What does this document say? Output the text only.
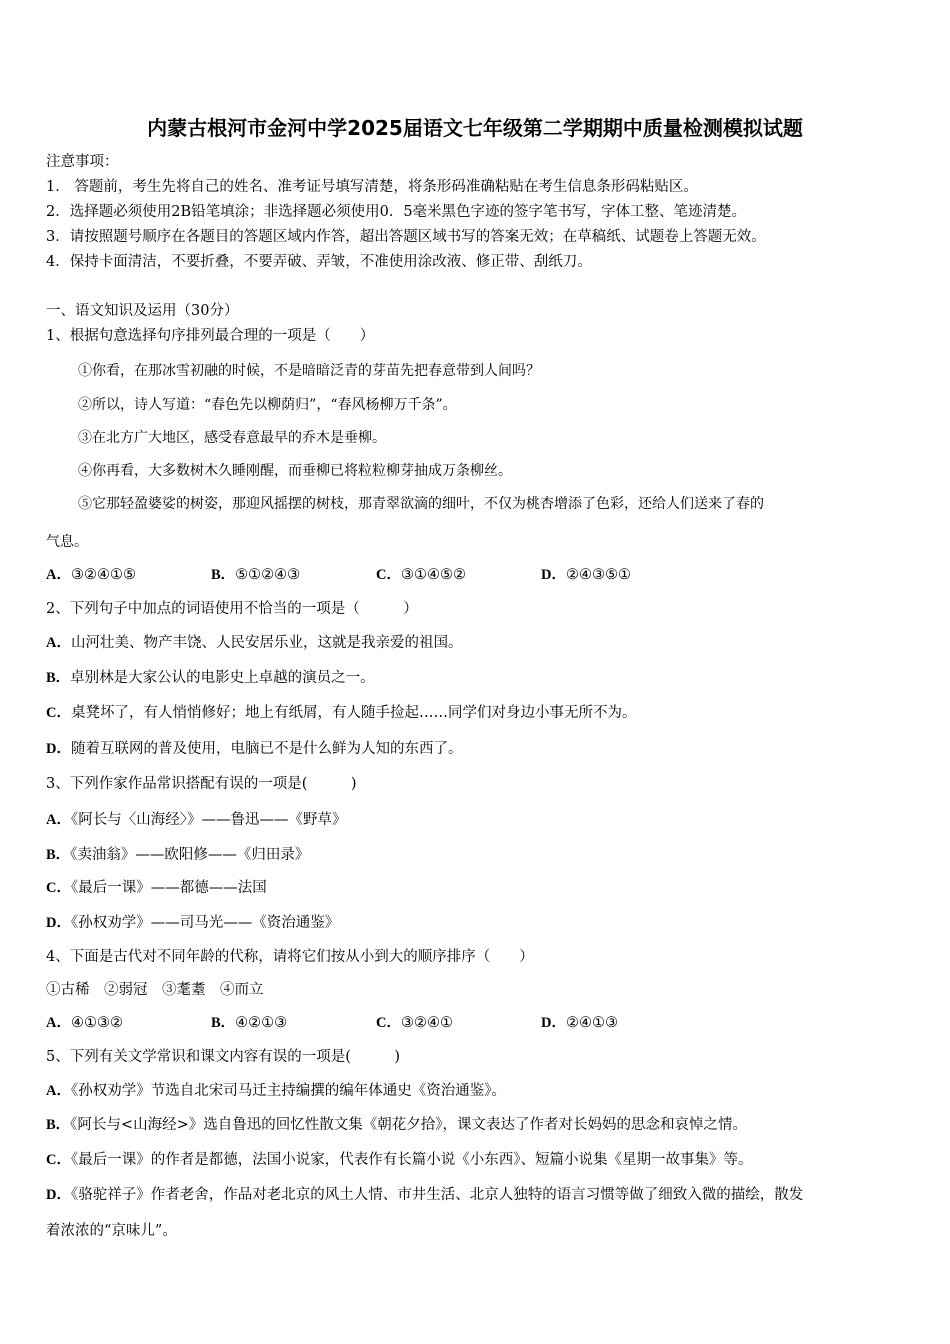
内蒙古根河市金河中学2025届语文七年级第二学期期中质量检测模拟试题
注意事项：
1． 答题前，考生先将自己的姓名、准考证号填写清楚，将条形码准确粘贴在考生信息条形码粘贴区。
2．选择题必须使用2B铅笔填涂；非选择题必须使用0．5毫米黑色字迹的签字笔书写，字体工整、笔迹清楚。
3．请按照题号顺序在各题目的答题区域内作答，超出答题区域书写的答案无效；在草稿纸、试题卷上答题无效。
4．保持卡面清洁，不要折叠，不要弄破、弄皱，不准使用涂改液、修正带、刮纸刀。
一、语文知识及运用（30分）
1、根据句意选择句序排列最合理的一项是（　　）
①你看，在那冰雪初融的时候，不是暗暗泛青的芽苗先把春意带到人间吗？
②所以，诗人写道：“春色先以柳荫归”，“春风杨柳万千条”。
③在北方广大地区，感受春意最早的乔木是垂柳。
④你再看，大多数树木久睡刚醒，而垂柳已将粒粒柳芽抽成万条柳丝。
⑤它那轻盈婆娑的树姿，那迎风摇摆的树枝，那青翠欲滴的细叶，不仅为桃杏增添了色彩，还给人们送来了春的
气息。
A．③②④①⑤	B．⑤①②④③	C．③①④⑤②	D．②④③⑤①
2、下列句子中加点的词语使用不恰当的一项是（　　　）
A．山河壮美、物产丰饶、人民安居乐业，这就是我亲爱的祖国。
B．卓别林是大家公认的电影史上卓越的演员之一。
C．桌凳坏了，有人悄悄修好；地上有纸屑，有人随手捡起……同学们对身边小事无所不为。
D．随着互联网的普及使用，电脑已不是什么鲜为人知的东西了。
3、下列作家作品常识搭配有误的一项是(　　　)
A．《阿长与〈山海经〉》——鲁迅——《野草》
B．《卖油翁》——欧阳修——《归田录》
C．《最后一课》——都德——法国
D．《孙权劝学》——司马光——《资治通鉴》
4、下面是古代对不同年龄的代称，请将它们按从小到大的顺序排序（　　）
①古稀　②弱冠　③耄耋　④而立
A．④①③②	B．④②①③	C．③②④①	D．②④①③
5、下列有关文学常识和课文内容有误的一项是(　　　)
A．《孙权劝学》节选自北宋司马迁主持编撰的编年体通史《资治通鉴》。
B．《阿长与<山海经>》选自鲁迅的回忆性散文集《朝花夕拾》，课文表达了作者对长妈妈的思念和哀悼之情。
C．《最后一课》的作者是都德，法国小说家，代表作有长篇小说《小东西》、短篇小说集《星期一故事集》等。
D．《骆驼祥子》作者老舍，作品对老北京的风土人情、市井生活、北京人独特的语言习惯等做了细致入微的描绘，散发
着浓浓的“京味儿”。
